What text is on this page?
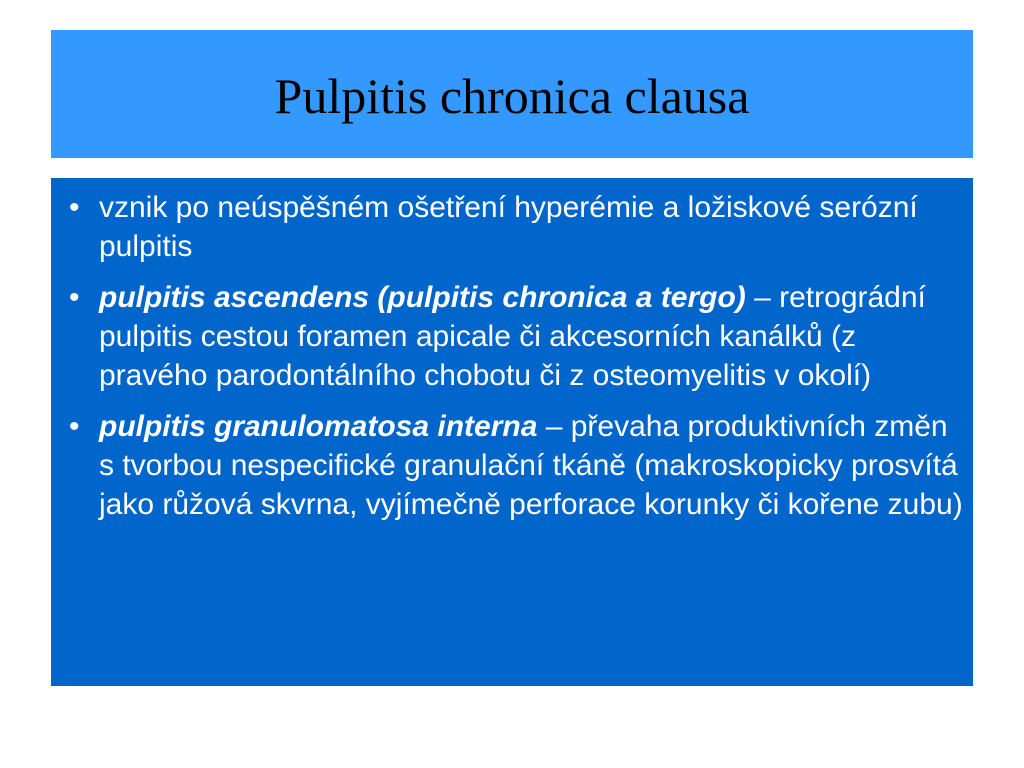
Pulpitis chronica clausa
• vznik po neúspěšném ošetření hyperémie a ložiskové serózní pulpitis
• pulpitis ascendens (pulpitis chronica a tergo) – retrográdní pulpitis cestou foramen apicale či akcesorních kanálků (z pravého parodontálního chobotu či z osteomyelitis v okolí)
• pulpitis granulomatosa interna – převaha produktivních změn s tvorbou nespecifické granulační tkáně (makroskopicky prosvítá jako růžová skvrna, vyjímečně perforace korunky či kořene zubu)
